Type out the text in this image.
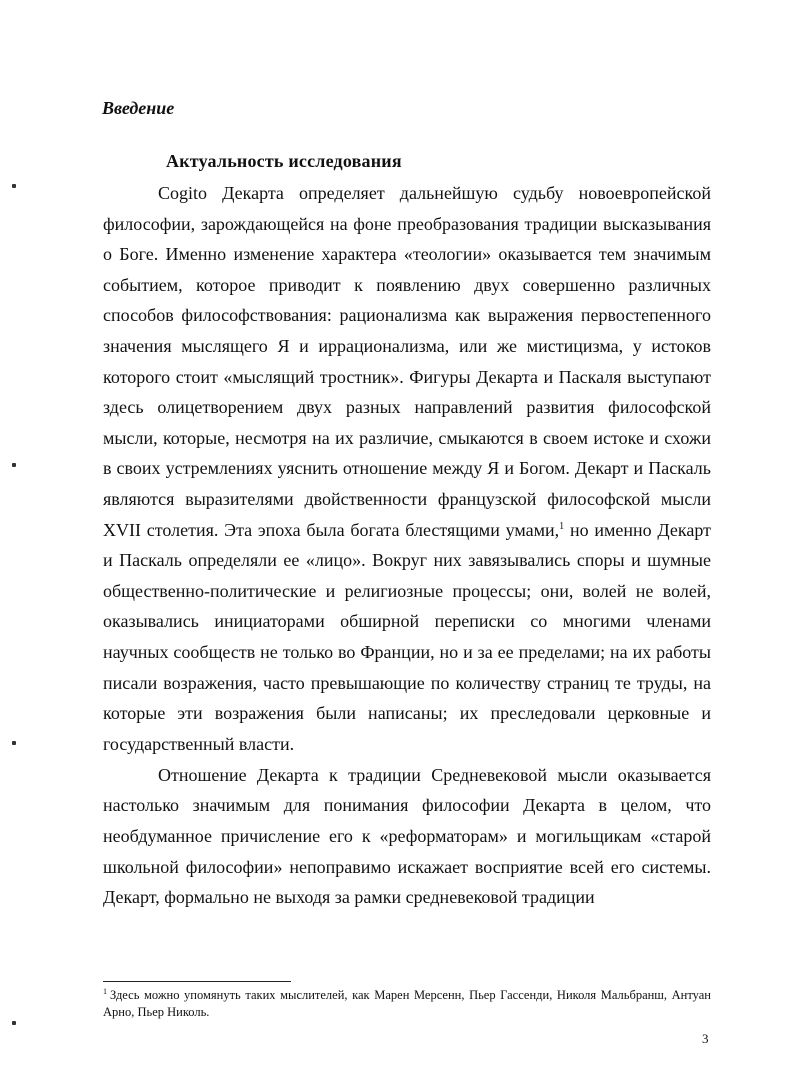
Введение
Актуальность исследования

Cogito Декарта определяет дальнейшую судьбу новоевропейской философии, зарождающейся на фоне преобразования традиции высказывания о Боге. Именно изменение характера «теологии» оказывается тем значимым событием, которое приводит к появлению двух совершенно различных способов философствования: рационализма как выражения первостепенного значения мыслящего Я и иррационализма, или же мистицизма, у истоков которого стоит «мыслящий тростник». Фигуры Декарта и Паскаля выступают здесь олицетворением двух разных направлений развития философской мысли, которые, несмотря на их различие, смыкаются в своем истоке и схожи в своих устремлениях уяснить отношение между Я и Богом. Декарт и Паскаль являются выразителями двойственности французской философской мысли XVII столетия. Эта эпоха была богата блестящими умами,$^1$ но именно Декарт и Паскаль определяли ее «лицо». Вокруг них завязывались споры и шумные общественно-политические и религиозные процессы; они, волей не волей, оказывались инициаторами обширной переписки со многими членами научных сообществ не только во Франции, но и за ее пределами; на их работы писали возражения, часто превышающие по количеству страниц те труды, на которые эти возражения были написаны; их преследовали церковные и государственный власти.

Отношение Декарта к традиции Средневековой мысли оказывается настолько значимым для понимания философии Декарта в целом, что необдуманное причисление его к «реформаторам» и могильщикам «старой школьной философии» непоправимо искажает восприятие всей его системы. Декарт, формально не выходя за рамки средневековой традиции

$^1$ Здесь можно упомянуть таких мыслителей, как Марен Мерсенн, Пьер Гассенди, Николя Мальбранш, Антуан Арно, Пьер Николь.

3
